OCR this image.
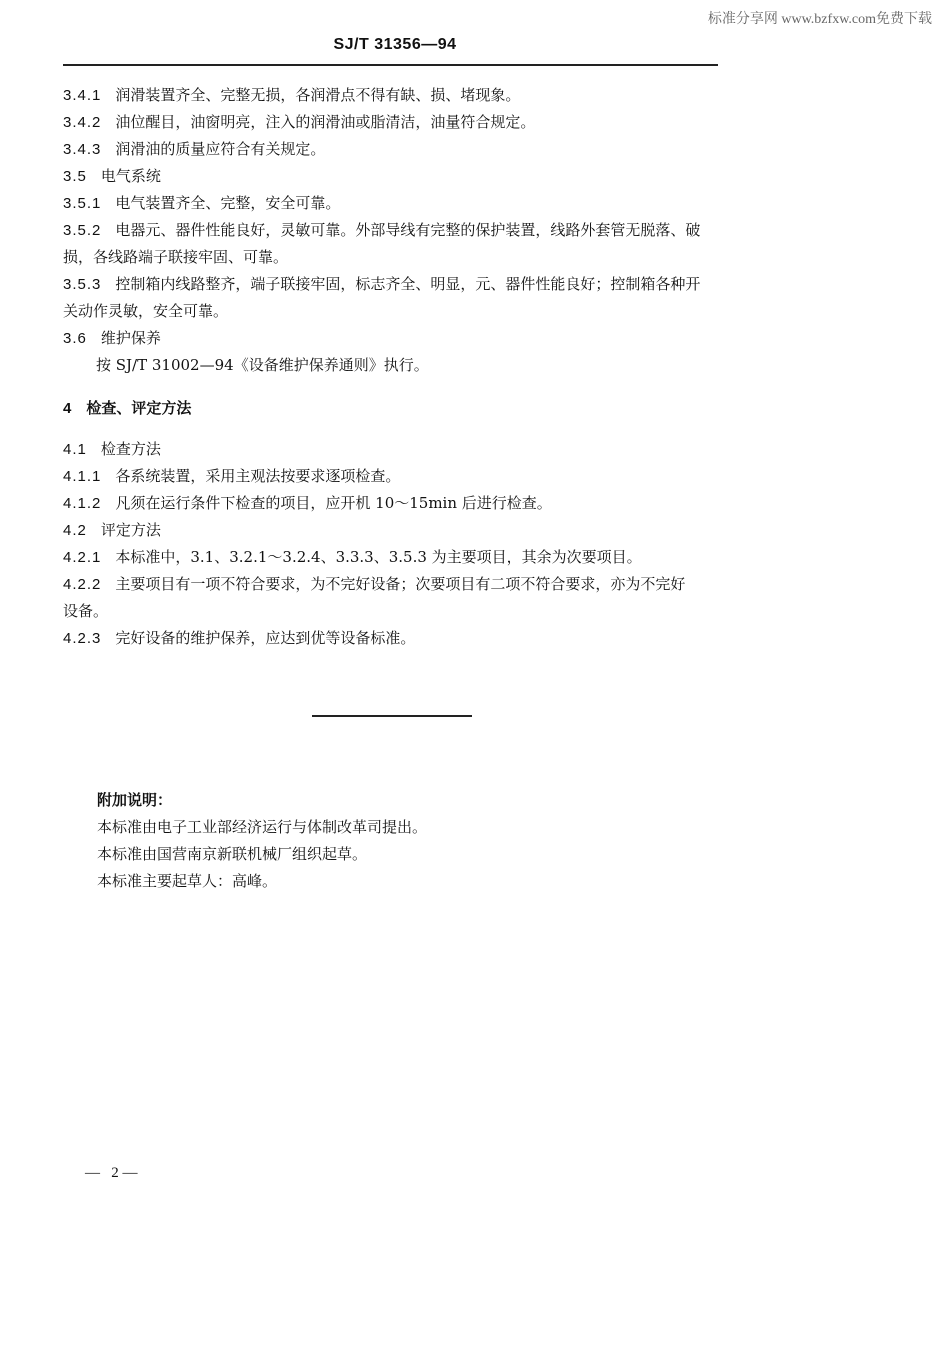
标准分享网 www.bzfxw.com免费下载
SJ/T 31356—94
3.4.1 润滑装置齐全、完整无损，各润滑点不得有缺、损、堵现象。
3.4.2 油位醒目，油窗明亮，注入的润滑油或脂清洁，油量符合规定。
3.4.3 润滑油的质量应符合有关规定。
3.5 电气系统
3.5.1 电气装置齐全、完整，安全可靠。
3.5.2 电器元、器件性能良好，灵敏可靠。外部导线有完整的保护装置，线路外套管无脱落、破
损，各线路端子联接牢固、可靠。
3.5.3 控制箱内线路整齐，端子联接牢固，标志齐全、明显，元、器件性能良好；控制箱各种开
关动作灵敏，安全可靠。
3.6 维护保养
按 SJ/T 31002—94《设备维护保养通则》执行。
4 检查、评定方法
4.1 检查方法
4.1.1 各系统装置，采用主观法按要求逐项检查。
4.1.2 凡须在运行条件下检查的项目，应开机 10～15min 后进行检查。
4.2 评定方法
4.2.1 本标准中，3.1、3.2.1～3.2.4、3.3.3、3.5.3 为主要项目，其余为次要项目。
4.2.2 主要项目有一项不符合要求，为不完好设备；次要项目有二项不符合要求，亦为不完好
设备。
4.2.3 完好设备的维护保养，应达到优等设备标准。
附加说明：
本标准由电子工业部经济运行与体制改革司提出。
本标准由国营南京新联机械厂组织起草。
本标准主要起草人：高峰。
—   2 —
